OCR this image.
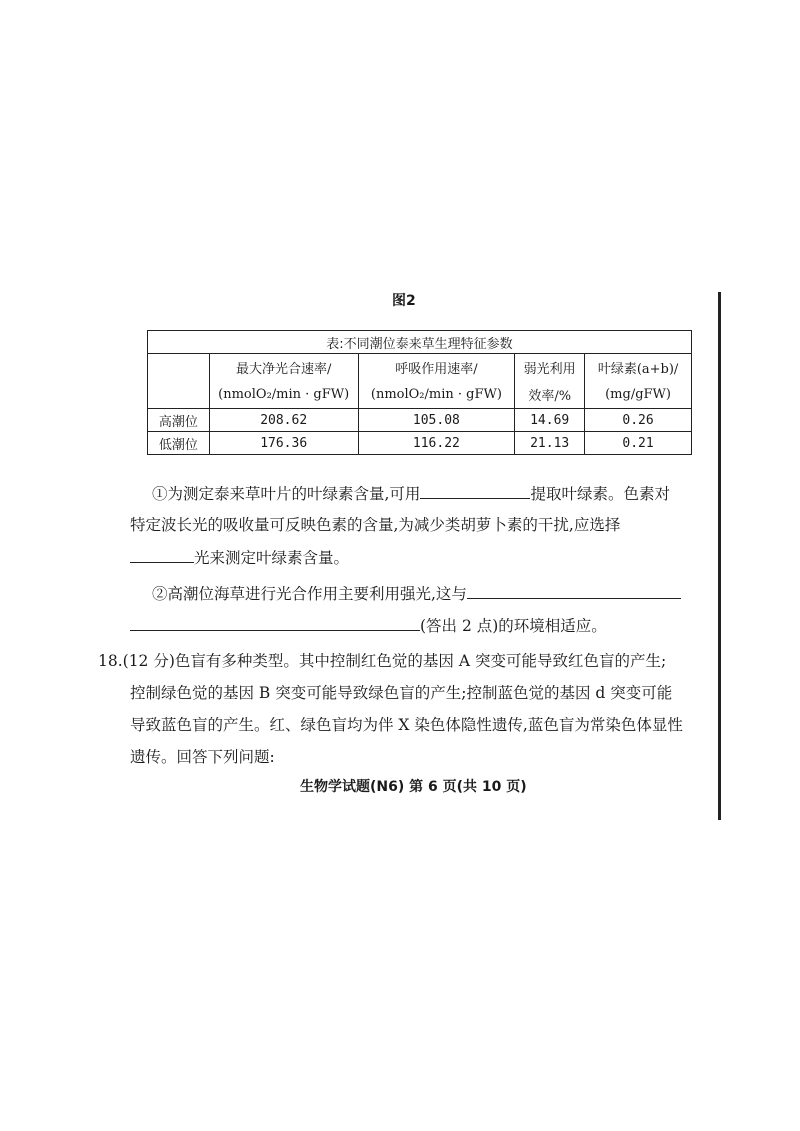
图2
表:不同潮位泰来草生理特征参数				
	最大净光合速率/	呼吸作用速率/	弱光利用	叶绿素(a+b)/
	(nmolO₂/min · gFW)	(nmolO₂/min · gFW)	效率/%	(mg/gFW)
高潮位	208.62	105.08	14.69	0.26
低潮位	176.36	116.22	21.13	0.21
①为测定泰来草叶片的叶绿素含量,可用	提取叶绿素。色素对
特定波长光的吸收量可反映色素的含量,为减少类胡萝卜素的干扰,应选择
光来测定叶绿素含量。
②高潮位海草进行光合作用主要利用强光,这与
(答出 2 点)的环境相适应。
18.(12 分)色盲有多种类型。其中控制红色觉的基因 A 突变可能导致红色盲的产生;
控制绿色觉的基因 B 突变可能导致绿色盲的产生;控制蓝色觉的基因 d 突变可能
导致蓝色盲的产生。红、绿色盲均为伴 X 染色体隐性遗传,蓝色盲为常染色体显性
遗传。回答下列问题:
生物学试题(N6) 第 6 页(共 10 页)
